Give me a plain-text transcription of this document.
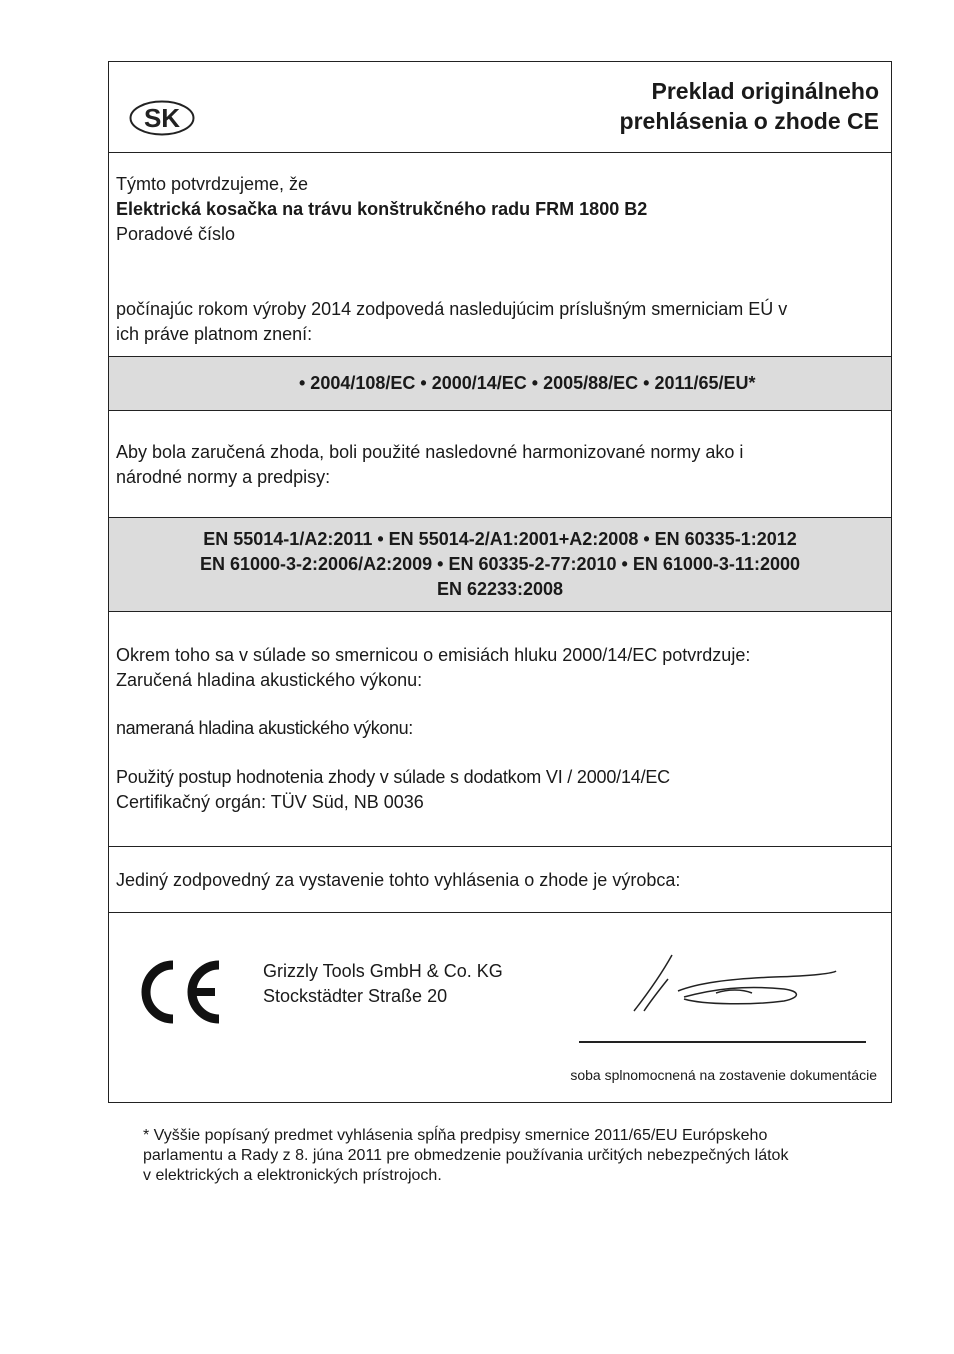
SK
Preklad originálneho
prehlásenia o zhode CE
Týmto potvrdzujeme, že
Elektrická kosačka na trávu konštrukčného radu FRM 1800 B2
Poradové číslo
počínajúc rokom výroby 2014 zodpovedá nasledujúcim príslušným smerniciam EÚ v
ich práve platnom znení:
• 2004/108/EC • 2000/14/EC • 2005/88/EC • 2011/65/EU*
Aby bola zaručená zhoda, boli použité nasledovné harmonizované normy ako i
národné normy a predpisy:
EN 55014-1/A2:2011 • EN 55014-2/A1:2001+A2:2008 • EN 60335-1:2012
EN 61000-3-2:2006/A2:2009 • EN 60335-2-77:2010 • EN 61000-3-11:2000
EN 62233:2008
Okrem toho sa v súlade so smernicou o emisiách hluku 2000/14/EC potvrdzuje:
Zaručená hladina akustického výkonu:
nameraná hladina akustického výkonu:
Použitý postup hodnotenia zhody v súlade s dodatkom VI / 2000/14/EC
Certifikačný orgán: TÜV Süd, NB 0036
Jediný zodpovedný za vystavenie tohto vyhlásenia o zhode je výrobca:
Grizzly Tools GmbH & Co. KG
Stockstädter Straße 20
soba splnomocnená na zostavenie dokumentácie
* Vyššie popísaný predmet vyhlásenia spĺňa predpisy smernice 2011/65/EU Európskeho
parlamentu a Rady z 8. júna 2011 pre obmedzenie používania určitých nebezpečných látok
v elektrických a elektronických prístrojoch.
